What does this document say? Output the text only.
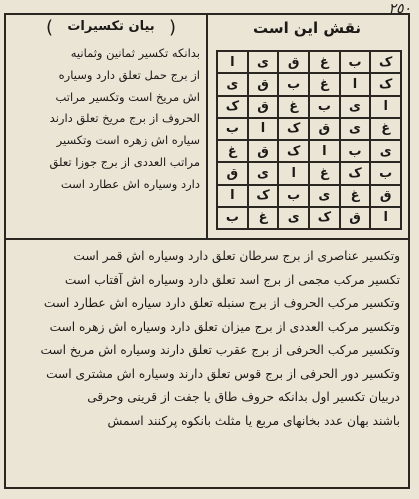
٢٥٠
نقش این است
ک
ب
غ
ق
ی
ا
ک
ا
غ
ب
ق
ی
ا
ی
ب
غ
ق
ک
غ
ی
ق
ک
ا
ب
ی
ب
ا
ک
ق
غ
ب
ک
غ
ا
ی
ق
ق
غ
ی
ب
ک
ا
ا
ق
ک
ی
غ
ب
( بیان تکسیرات )
بدانکه تکسیر ثمانین وثمانیه
از برج حمل تعلق دارد وسیاره
اش مریخ است وتکسیر مراتب
الحروف از برج مریخ تعلق دارند
سیاره اش زهره است وتکسیر
مراتب العددی از برج جوزا تعلق
دارد وسیاره اش عطارد است
وتکسیر عناصری از برج سرطان تعلق دارد وسیاره اش قمر است
تکسیر مرکب مجمی از برج اسد تعلق دارد وسیاره اش آفتاب است
وتکسیر مرکب الحروف از برج سنبله تعلق دارد سیاره اش عطارد است
وتکسیر مرکب العددی از برج میزان تعلق دارد وسیاره اش زهره است
وتکسیر مرکب الحرفی از برج عقرب تعلق دارند وسیاره اش مریخ است
وتکسیر دور الحرفی از برج قوس تعلق دارند وسیاره اش مشتری است
دربیان تکسیر اول بدانکه حروف طاق یا جفت از قرینی وحرقی
باشند بهان عدد بخانهای مربع یا مثلث بانکوه پرکنند اسمش
